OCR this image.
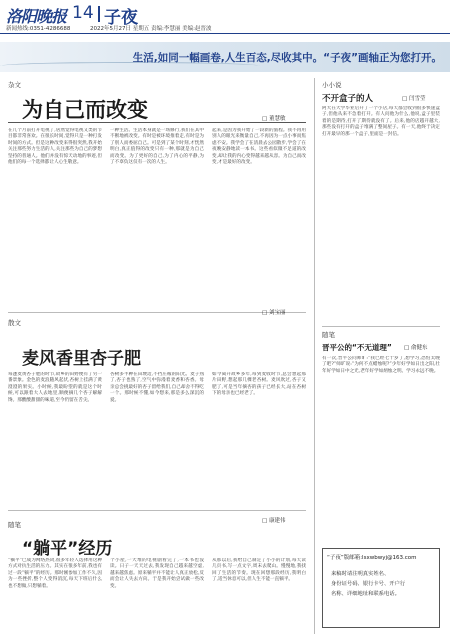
洛阳晚报 14 子夜
新闻热线:0351-4286688	2022年5月27日 星期五 责编:李慧丽 美编:赵晋波
生活,如同一幅画卷,人生百态,尽收其中。“子夜”画轴正为您打开。
杂文
为自己而改变	□ 董慧敏
在几个月前打开电视了,居然觉得电视又类的节目都非常喜欢。在很长时间,觉得只是一种打发时间的方式。但是这种改变来得很突然,我开始关注那些努力生活的人,关注那些为自己的梦想坚持的普通人。他们并没有惊天动地的事迹,但他们的每一个选择都让人心生敬意。
一种生活。生活本身就是一场修行,我们在其中不断地被改变。有时是被环境推着走,有时是为了别人而委屈自己。可是到了某个时刻,才恍然明白,真正值得的改变只有一种,那就是为自己而改变。为了更好的自己,为了内心的平静,为了不辜负这仅有一次的人生。
起来,是因为我开始了一段新的旅程。我不再用别人的眼光来衡量自己,不再因为一点小事而焦虑不安。我学会了在清晨去公园散步,学会了在夜晚安静地读一本书。这些看似微不足道的改变,却让我的内心变得越来越从容。为自己而改变,才是最好的改变。
散文
麦风香里杏子肥
□ 刘宝丽
每逢麦黄杏子肥的时节,故乡的田野便有了另一番景象。金色的麦浪随风起伏,杏树上挂满了黄澄澄的果实。小时候,我最盼望的就是这个时候,可以跟着大人去地里,顺便摘几个杏子解解馋。那酸酸甜甜的味道,至今仍留在舌尖。
杏树多半种在田埂边,不挡庄稼的阳光。麦子熟了,杏子也熟了,空气中弥漫着麦香和杏香。母亲总会挑最好的杏子留给我们,自己却舍不得吃一个。那时候不懂,如今想来,那是多么深沉的爱。
如今离开故乡多年,每到麦收时节,总会想起那片田野,想起那几棵老杏树。麦风吹过,杏子又肥了,可是当年摘杏的孩子已经长大,站在杏树下的母亲也已经老了。
随笔
“躺平”经历
□ 康建伟
“躺平”已成为网络热词,很多年轻人选择用这种方式对抗生活的压力。其实在很多年前,我也有过一段“躺平”的经历。那时刚参加工作不久,因为一些挫折,整个人变得消沉,每天下班后什么也不想做,只想躺着。
个小屋,一大堆的电视剧看完了,一本书也没读。日子一天天过去,我发现自己越来越空虚,越来越焦虑。原来躺平并不能让人真正放松,反而会让人失去方向。于是我开始尝试做一些改变。
从那以后,我给自己制定了小小的计划,每天读几页书,写一点文字,周末去爬山。慢慢地,我找回了生活的节奏。现在回想那段经历,我明白了,适当休息可以,但人生不能一直躺平。
小小说
不开盒子的人	□ 闫雪莹
阿大在大学毕业后开了一个小店,每天都会收到很多快递盒子,但他从来不急着打开。有人问他为什么,他说,盒子里装着的是期待,打开了期待就没有了。后来,他的店越开越大,那些没有打开的盒子堆满了整间屋子。有一天,他终于决定打开最早的那一个盒子,里面是一封信。
随笔
晋平公的“不无道理” □ 俞健东
有一次,晋平公问师旷:“我已经七十岁了,想学习,恐怕太晚了吧?”师旷说:“为何不点蜡烛呢?”少年好学如日出之阳,壮年好学如日中之光,老年好学如炳烛之明。学习永远不晚。
“子夜”版邮箱:lsxwbwyj@163.com
来稿时请注明真实姓名、
身份证号码、银行卡号、开户行
名称、详细地址和联系电话。
